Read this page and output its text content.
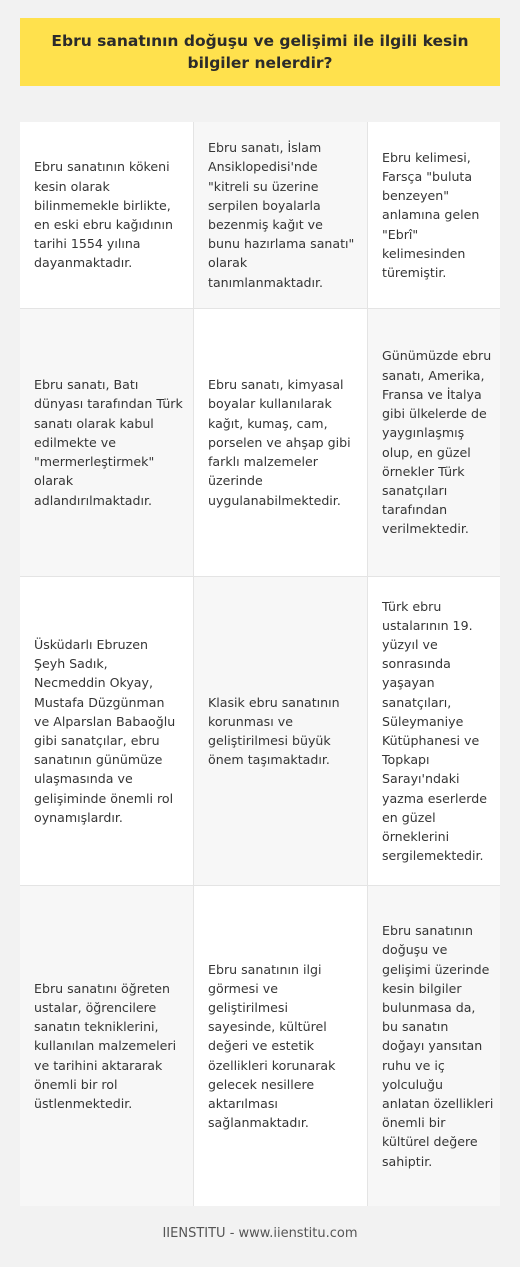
Ebru sanatının doğuşu ve gelişimi ile ilgili kesin bilgiler nelerdir?
Ebru sanatının kökeni kesin olarak bilinmemekle birlikte, en eski ebru kağıdının tarihi 1554 yılına dayanmaktadır.
Ebru sanatı, İslam Ansiklopedisi'nde "kitreli su üzerine serpilen boyalarla bezenmiş kağıt ve bunu hazırlama sanatı" olarak tanımlanmaktadır.
Ebru kelimesi, Farsça "buluta benzeyen" anlamına gelen "Ebrî" kelimesinden türemiştir.
Ebru sanatı, Batı dünyası tarafından Türk sanatı olarak kabul edilmekte ve "mermerleştirmek" olarak adlandırılmaktadır.
Ebru sanatı, kimyasal boyalar kullanılarak kağıt, kumaş, cam, porselen ve ahşap gibi farklı malzemeler üzerinde uygulanabilmektedir.
Günümüzde ebru sanatı, Amerika, Fransa ve İtalya gibi ülkelerde de yaygınlaşmış olup, en güzel örnekler Türk sanatçıları tarafından verilmektedir.
Üsküdarlı Ebruzen Şeyh Sadık, Necmeddin Okyay, Mustafa Düzgünman ve Alparslan Babaoğlu gibi sanatçılar, ebru sanatının günümüze ulaşmasında ve gelişiminde önemli rol oynamışlardır.
Klasik ebru sanatının korunması ve geliştirilmesi büyük önem taşımaktadır.
Türk ebru ustalarının 19. yüzyıl ve sonrasında yaşayan sanatçıları, Süleymaniye Kütüphanesi ve Topkapı Sarayı'ndaki yazma eserlerde en güzel örneklerini sergilemektedir.
Ebru sanatını öğreten ustalar, öğrencilere sanatın tekniklerini, kullanılan malzemeleri ve tarihini aktararak önemli bir rol üstlenmektedir.
Ebru sanatının ilgi görmesi ve geliştirilmesi sayesinde, kültürel değeri ve estetik özellikleri korunarak gelecek nesillere aktarılması sağlanmaktadır.
Ebru sanatının doğuşu ve gelişimi üzerinde kesin bilgiler bulunmasa da, bu sanatın doğayı yansıtan ruhu ve iç yolculuğu anlatan özellikleri önemli bir kültürel değere sahiptir.
IIENSTITU - www.iienstitu.com
